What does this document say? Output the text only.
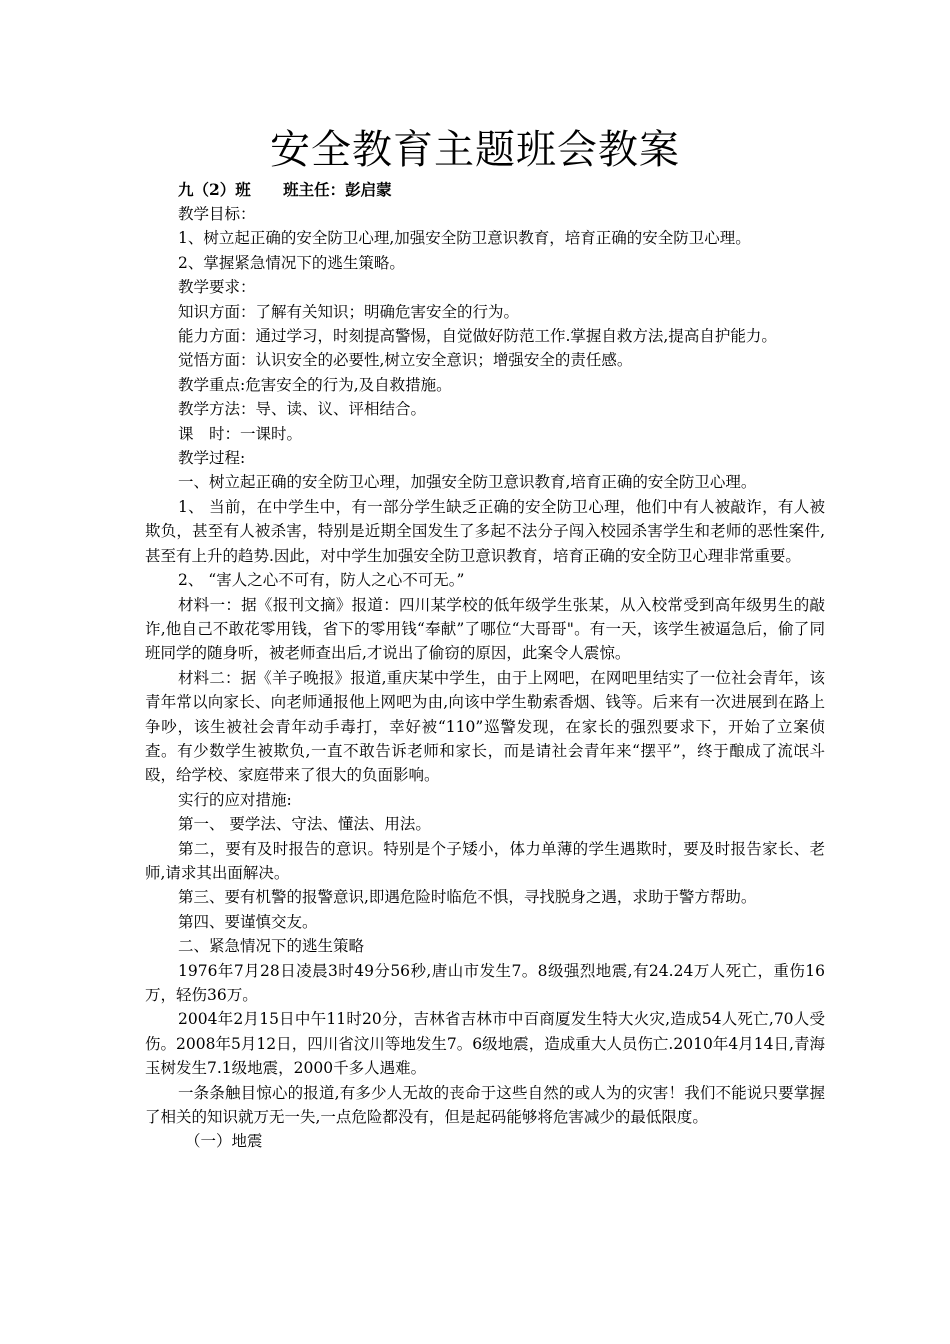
安全教育主题班会教案
九（2）班      班主任：彭启蒙

教学目标：

1、树立起正确的安全防卫心理,加强安全防卫意识教育，培育正确的安全防卫心理。

2、掌握紧急情况下的逃生策略。

教学要求：

知识方面：了解有关知识；明确危害安全的行为。

能力方面：通过学习，时刻提高警惕，自觉做好防范工作.掌握自救方法,提高自护能力。

觉悟方面：认识安全的必要性,树立安全意识；增强安全的责任感。

教学重点:危害安全的行为,及自救措施。

教学方法：导、读、议、评相结合。

课　时：一课时。

教学过程:

一、树立起正确的安全防卫心理，加强安全防卫意识教育,培育正确的安全防卫心理。

1、 当前，在中学生中，有一部分学生缺乏正确的安全防卫心理，他们中有人被敲诈，有人被欺负，甚至有人被杀害，特别是近期全国发生了多起不法分子闯入校园杀害学生和老师的恶性案件,甚至有上升的趋势.因此，对中学生加强安全防卫意识教育，培育正确的安全防卫心理非常重要。

2、 “害人之心不可有，防人之心不可无。”

材料一：据《报刊文摘》报道：四川某学校的低年级学生张某，从入校常受到高年级男生的敲诈,他自己不敢花零用钱，省下的零用钱“奉献”了哪位“大哥哥"。有一天，该学生被逼急后，偷了同班同学的随身听，被老师查出后,才说出了偷窃的原因，此案令人震惊。

材料二：据《羊子晚报》报道,重庆某中学生，由于上网吧，在网吧里结实了一位社会青年，该青年常以向家长、向老师通报他上网吧为由,向该中学生勒索香烟、钱等。后来有一次进展到在路上争吵，该生被社会青年动手毒打，幸好被“110”巡警发现，在家长的强烈要求下，开始了立案侦查。有少数学生被欺负,一直不敢告诉老师和家长，而是请社会青年来“摆平”，终于酿成了流氓斗殴，给学校、家庭带来了很大的负面影响。

实行的应对措施:

第一、 要学法、守法、懂法、用法。

第二，要有及时报告的意识。特别是个子矮小，体力单薄的学生遇欺时，要及时报告家长、老师,请求其出面解决。

第三、要有机警的报警意识,即遇危险时临危不惧，寻找脱身之遇，求助于警方帮助。

第四、要谨慎交友。

二、紧急情况下的逃生策略

1976年7月28日凌晨3时49分56秒,唐山市发生7。8级强烈地震,有24.24万人死亡，重伤16万，轻伤36万。

2004年2月15日中午11时20分，吉林省吉林市中百商厦发生特大火灾,造成54人死亡,70人受伤。2008年5月12日，四川省汶川等地发生7。6级地震，造成重大人员伤亡.2010年4月14日,青海玉树发生7.1级地震，2000千多人遇难。

一条条触目惊心的报道,有多少人无故的丧命于这些自然的或人为的灾害！我们不能说只要掌握了相关的知识就万无一失,一点危险都没有，但是起码能够将危害减少的最低限度。

（一）地震
